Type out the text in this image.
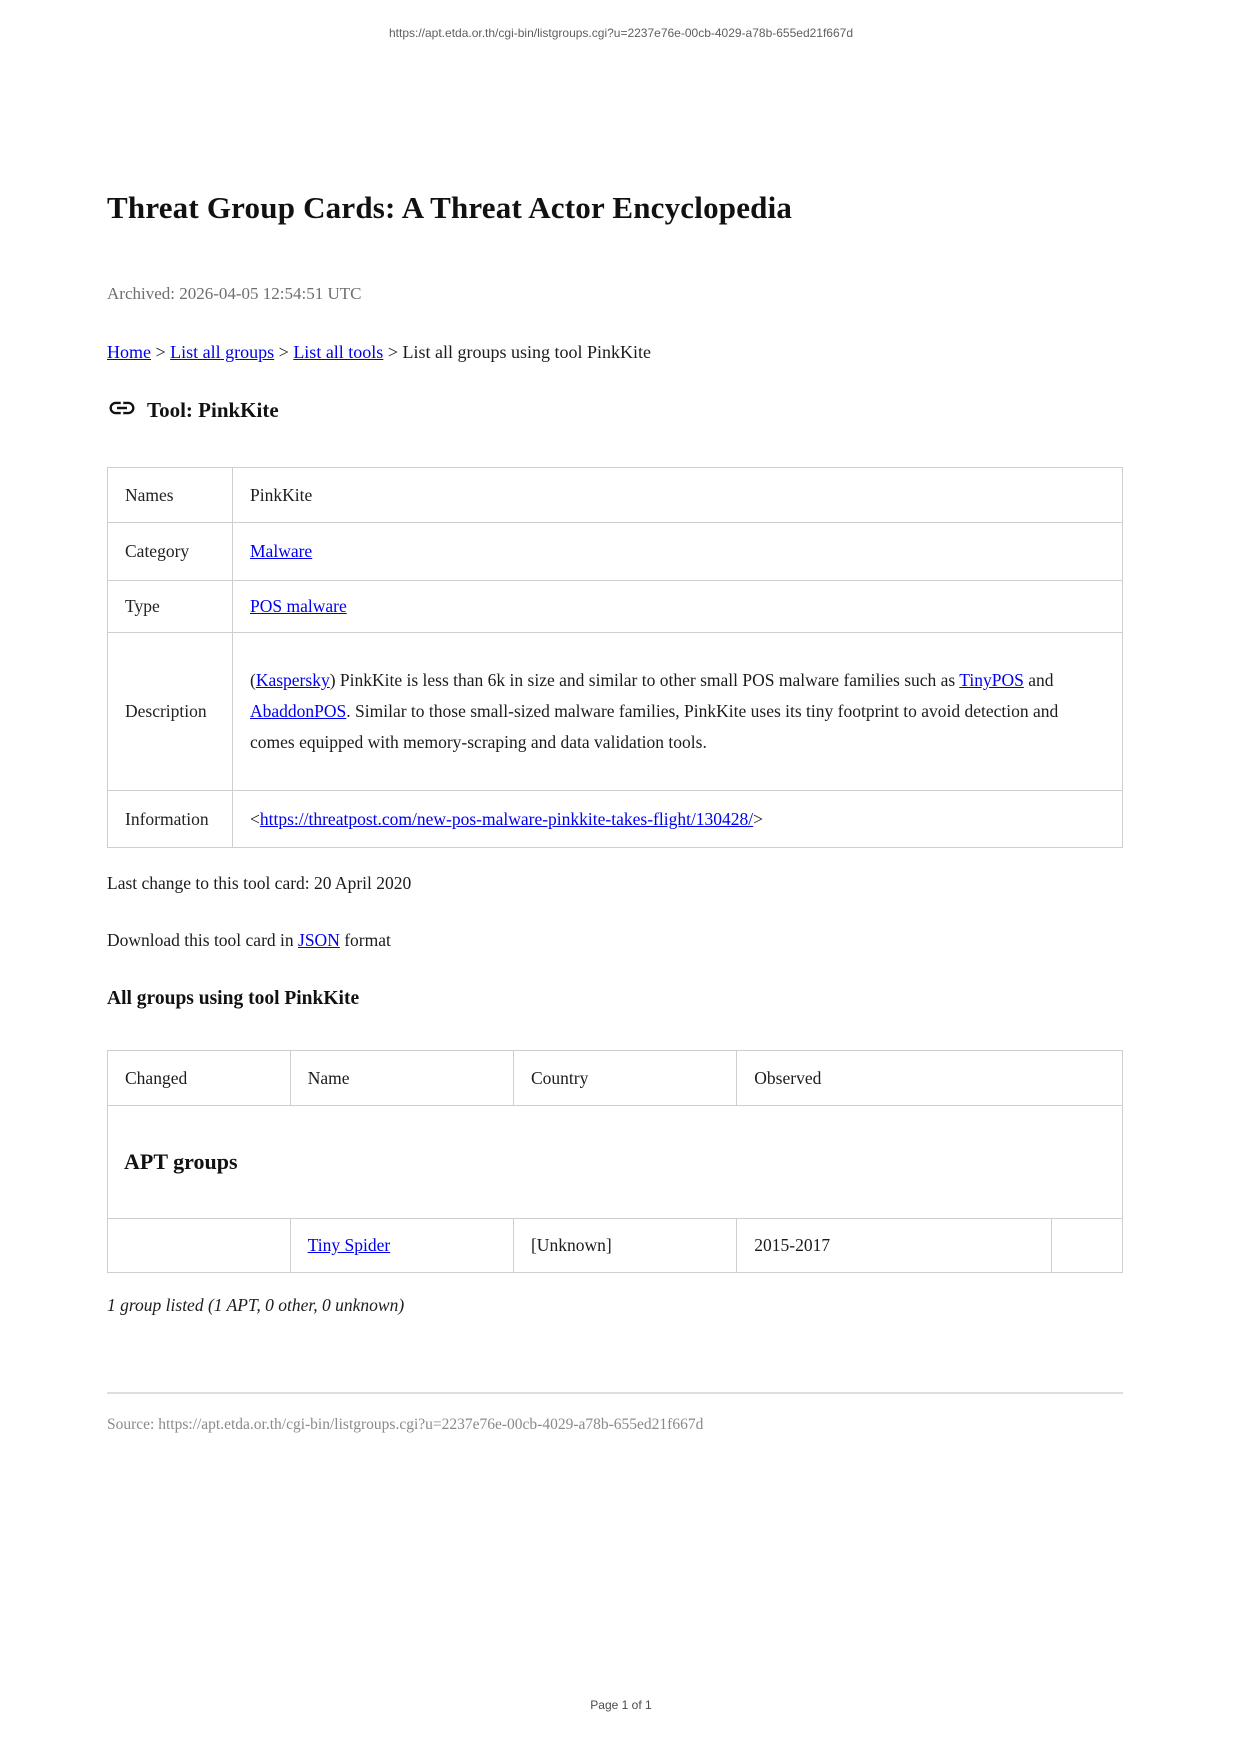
https://apt.etda.or.th/cgi-bin/listgroups.cgi?u=2237e76e-00cb-4029-a78b-655ed21f667d
Threat Group Cards: A Threat Actor Encyclopedia
Archived: 2026-04-05 12:54:51 UTC
Home > List all groups > List all tools > List all groups using tool PinkKite
Tool: PinkKite
Names	PinkKite
Category	Malware
Type	POS malware
Description	(Kaspersky) PinkKite is less than 6k in size and similar to other small POS malware families such as TinyPOS and AbaddonPOS. Similar to those small-sized malware families, PinkKite uses its tiny footprint to avoid detection and comes equipped with memory-scraping and data validation tools.
Information	<https://threatpost.com/new-pos-malware-pinkkite-takes-flight/130428/>

Last change to this tool card: 20 April 2020

Download this tool card in JSON format

All groups using tool PinkKite
Changed	Name	Country	Observed	
APT groups				
	Tiny Spider	[Unknown]	2015-2017	

1 group listed (1 APT, 0 other, 0 unknown)

Source: https://apt.etda.or.th/cgi-bin/listgroups.cgi?u=2237e76e-00cb-4029-a78b-655ed21f667d

Page 1 of 1
